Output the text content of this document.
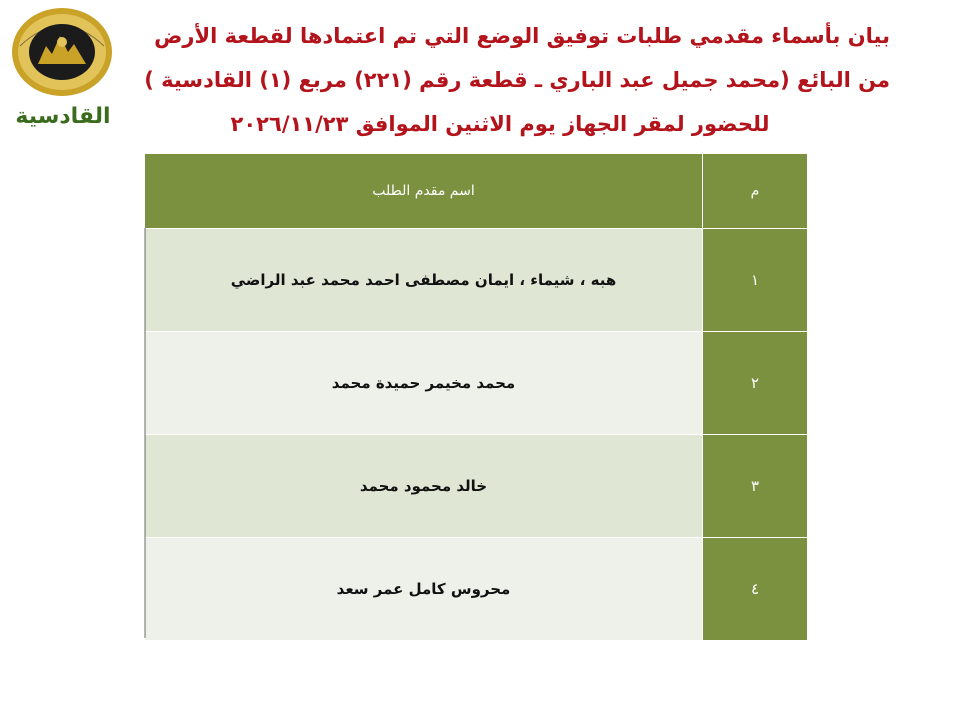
القادسية
بيان بأسماء مقدمي طلبات توفيق الوضع التي تم اعتمادها لقطعة الأرض
من البائع (محمد جميل عبد الباري ـ قطعة رقم (٢٢١) مربع (١) القادسية )
للحضور لمقر الجهاز يوم الاثنين الموافق ٢٠٢٦/١١/٢٣
م	اسم مقدم الطلب
١	هبه ، شيماء ، ايمان مصطفى احمد محمد عبد الراضي
٢	محمد مخيمر حميدة محمد
٣	خالد محمود محمد
٤	محروس كامل عمر سعد
